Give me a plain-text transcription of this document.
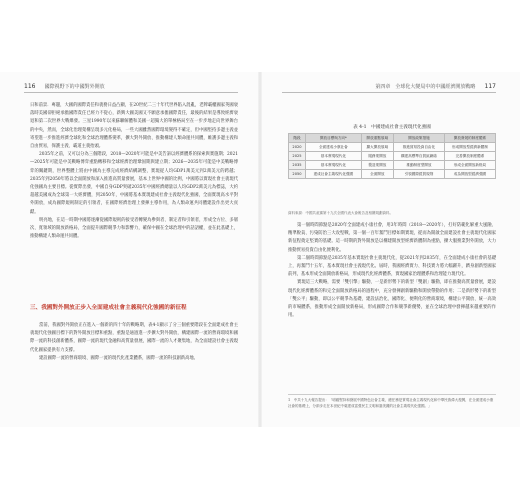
116 國際視野下的中國對外開放

日和前景．專題，大國的國際責任和義務日益凸顯，在20世紀二三十年代世界陷入混亂，老牌霸權國家英國衰落時美國卻拒絕承擔國際責任已經力不從心，新興大國美國又不願意承擔國際責任，最後的結果是導致經濟衰退和第二次世界大戰爆發。三星1990年以來蘇聯解體和美國一超獨大的單極格局至在一步步地走向世界舞台的中央，然而，全球化治理架構呈現多元化格局，一些大國雖然國際環境變得不確定，但中國堅持多邊主義並寄望進一步推進經濟全球化和全球治理體系變革，擴大對外開放、推動構建人類命運共同體，維護多邊主義和自由貿易，保護主義、霸道主義抬頭。

2035年之前，又可以分為三個階段，2018—2020年可能是中美告訴以經濟體系的探索與實施期；2021—2025年可能是中美戰略博弈重點轉移和全球經濟治理鞏固期與建立期；2026—2035年可能是中美戰略博弈的關鍵期，世界整體上將由中國為主導完成經濟結構調整，實現從人均GDP1萬美元到2萬美元的跨越；2035年到2050年將以全面開放和深入推進高質量發展，基本上世界中國的比例，中國將以實現社會主義現代化強國為主要目標。從實際出發，中國自身GDP突破2035年中國經濟總量以人均GDP2萬美元為標誌，大約超越美國成為全球第一大經濟體，到2050年，中國將基本實現建成社會主義現代化強國，全面實現高水平對外開放，成為國際規則制定的引領者，在國際經濟治理上發揮主導作用，為人類命運共同體建設作出更大貢獻。

明亮地，在這一時期中國將逐漸從國際規則的接受者轉變為參與者、制定者和引領者，形成全方位、多層次、寬領域的開放新格局，全面提升國際競爭力和影響力，確保中國在全球治理中的話語權，並在此基礎上，推動構建人類命運共同體。

三、我國對外開放正步入全面建成社會主義現代化強國的新征程

當前，我國對外開放正在進入一個新的四十年的戰略期，表4-1顯示了分三個重要階段在全面建成社會主義現代化強國目標下的對外開放目標和重點，重點是通過進一步擴大對外開放，構建國際一流的營商環境和國際一流的科技創新體系，國際一流的現代金融和高質量發展，國際一流的人才聚集地，為全面建設社會主義現代化國家提供有力支撐。

建設國際一流的營商環境、國際一流的現代化產業體系，國際一流的科技創新高地。

第四章　全球化大變局中的中國經濟開放戰略 117
表 4-1　中國建成社會主義現代化強國
階段	開放目標與方向*	開放重點領域	開放政策措施	開放發展的制度體系
2020	全面建成小康社會	擴大開放領域	推進貿易投資自由化	形成開放型經濟新體制
2025	基本實現現代化	服務業開放	構建高標準自貿區網絡	完善開放制度體系
2035	基本實現現代化	製造業開放	推動制度型開放	形成全面開放新格局
2050	建成社會主義現代化強國	全面開放	引領國際經貿規則	成為開放型經濟強國
資料來源：中國共產黨第十九次全國代表大會報告及相關規劃資料。

第一個時間節點是2020年全面建成小康社會，用3年時間（2018—2020年），打好防範化解重大風險、精準脫貧、污染防治三大攻堅戰，第一個一百年奮鬥目標如期實現，從而為開啟全面建設社會主義現代化國家新征程奠定堅實的基礎。這一時期的對外開放是以構建開放型經濟新體制為重點，擴大服務業對外開放，大力推動貿易投資自由化便利化。

第二個時間節點是2035年基本實現社會主義現代化，從2021年到2035年，在全面建成小康社會的基礎上，再奮鬥十五年，基本實現社會主義現代化。屆時，我國經濟實力、科技實力將大幅躍升，躋身創新型國家前列，基本形成全面開放新格局，形成現代化經濟體系，實現國家治理體系和治理能力現代化。

實現這三大戰略，需要「雙引擎」驅動，一是新形勢下的新型「雙創」驅動，即在推動高質量發展，建設現代化經濟體系的和完全面開放新格局的過程中，充分發揮創新驅動和開放帶動的作用；二是新形勢下的新型「雙公平」驅動，即以公平競爭為基礎，建設法治化、國際化、便利化的營商環境，構建公平開放、統一高效的市場體系，推動形成全面開放新格局，形成國際合作和競爭新優勢，並在全球治理中發揮越來越重要的作用。

1　中共十九大報告提出：「明確堅持和發展中國特色社會主義，總任務是實現社會主義現代化和中華民族偉大復興，在全面建成小康社會的基礎上，分兩步走在本世紀中葉建成富強民主文明和諧美麗的社會主義現代化強國。」
